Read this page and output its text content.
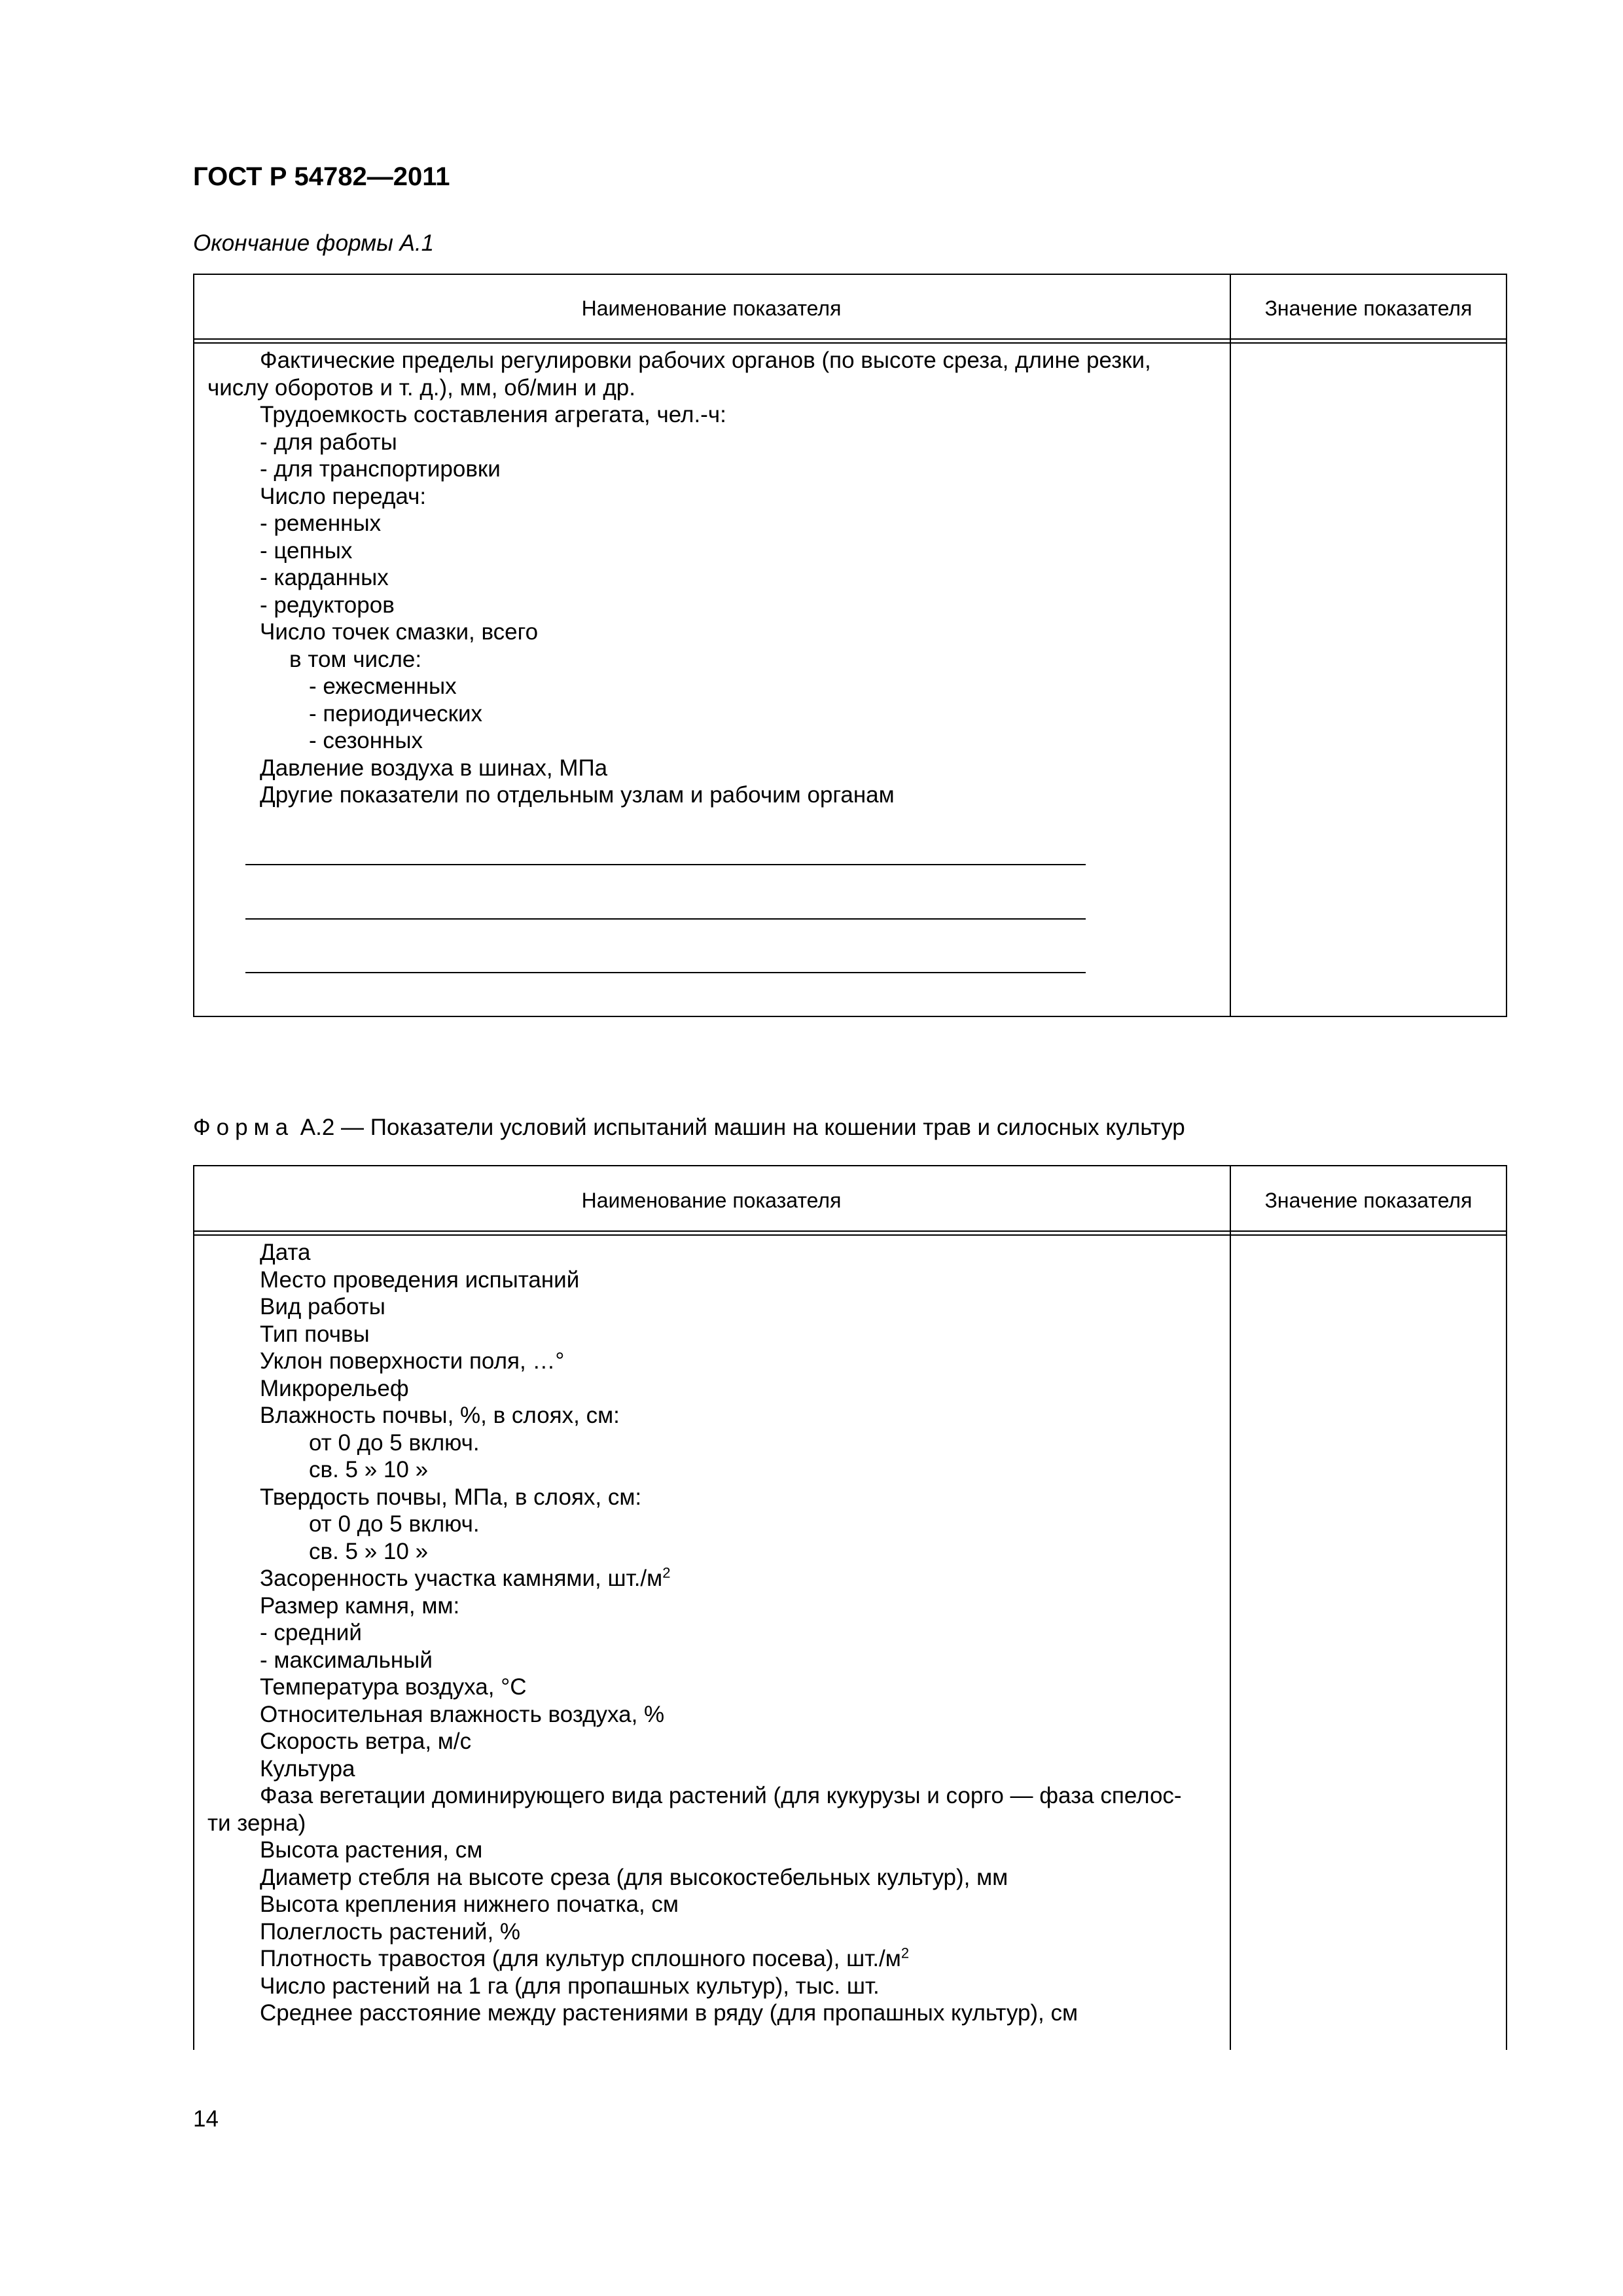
ГОСТ Р 54782—2011
Окончание формы А.1
Наименование показателя	Значение показателя
Фактические пределы регулировки рабочих органов (по высоте среза, длине резки,
числу оборотов и т. д.), мм, об/мин и др.
Трудоемкость составления агрегата, чел.-ч:
- для работы
- для транспортировки
Число передач:
- ременных
- цепных
- карданных
- редукторов
Число точек смазки, всего
в том числе:
- ежесменных
- периодических
- сезонных
Давление воздуха в шинах, МПа
Другие показатели по отдельным узлам и рабочим органам
Форма А.2 — Показатели условий испытаний машин на кошении трав и силосных культур
Наименование показателя	Значение показателя
Дата
Место проведения испытаний
Вид работы
Тип почвы
Уклон поверхности поля, …°
Микрорельеф
Влажность почвы, %, в слоях, см:
от 0 до 5 включ.
св. 5 » 10 »
Твердость почвы, МПа, в слоях, см:
от 0 до 5 включ.
св. 5 » 10 »
Засоренность участка камнями, $шт./м^2$
Размер камня, мм:
- средний
- максимальный
Температура воздуха, °С
Относительная влажность воздуха, %
Скорость ветра, м/с
Культура
Фаза вегетации доминирующего вида растений (для кукурузы и сорго — фаза спелос-
ти зерна)
Высота растения, см
Диаметр стебля на высоте среза (для высокостебельных культур), мм
Высота крепления нижнего початка, см
Полеглость растений, %
Плотность травостоя (для культур сплошного посева), $шт./м^2$
Число растений на 1 га (для пропашных культур), тыс. шт.
Среднее расстояние между растениями в ряду (для пропашных культур), см
14
